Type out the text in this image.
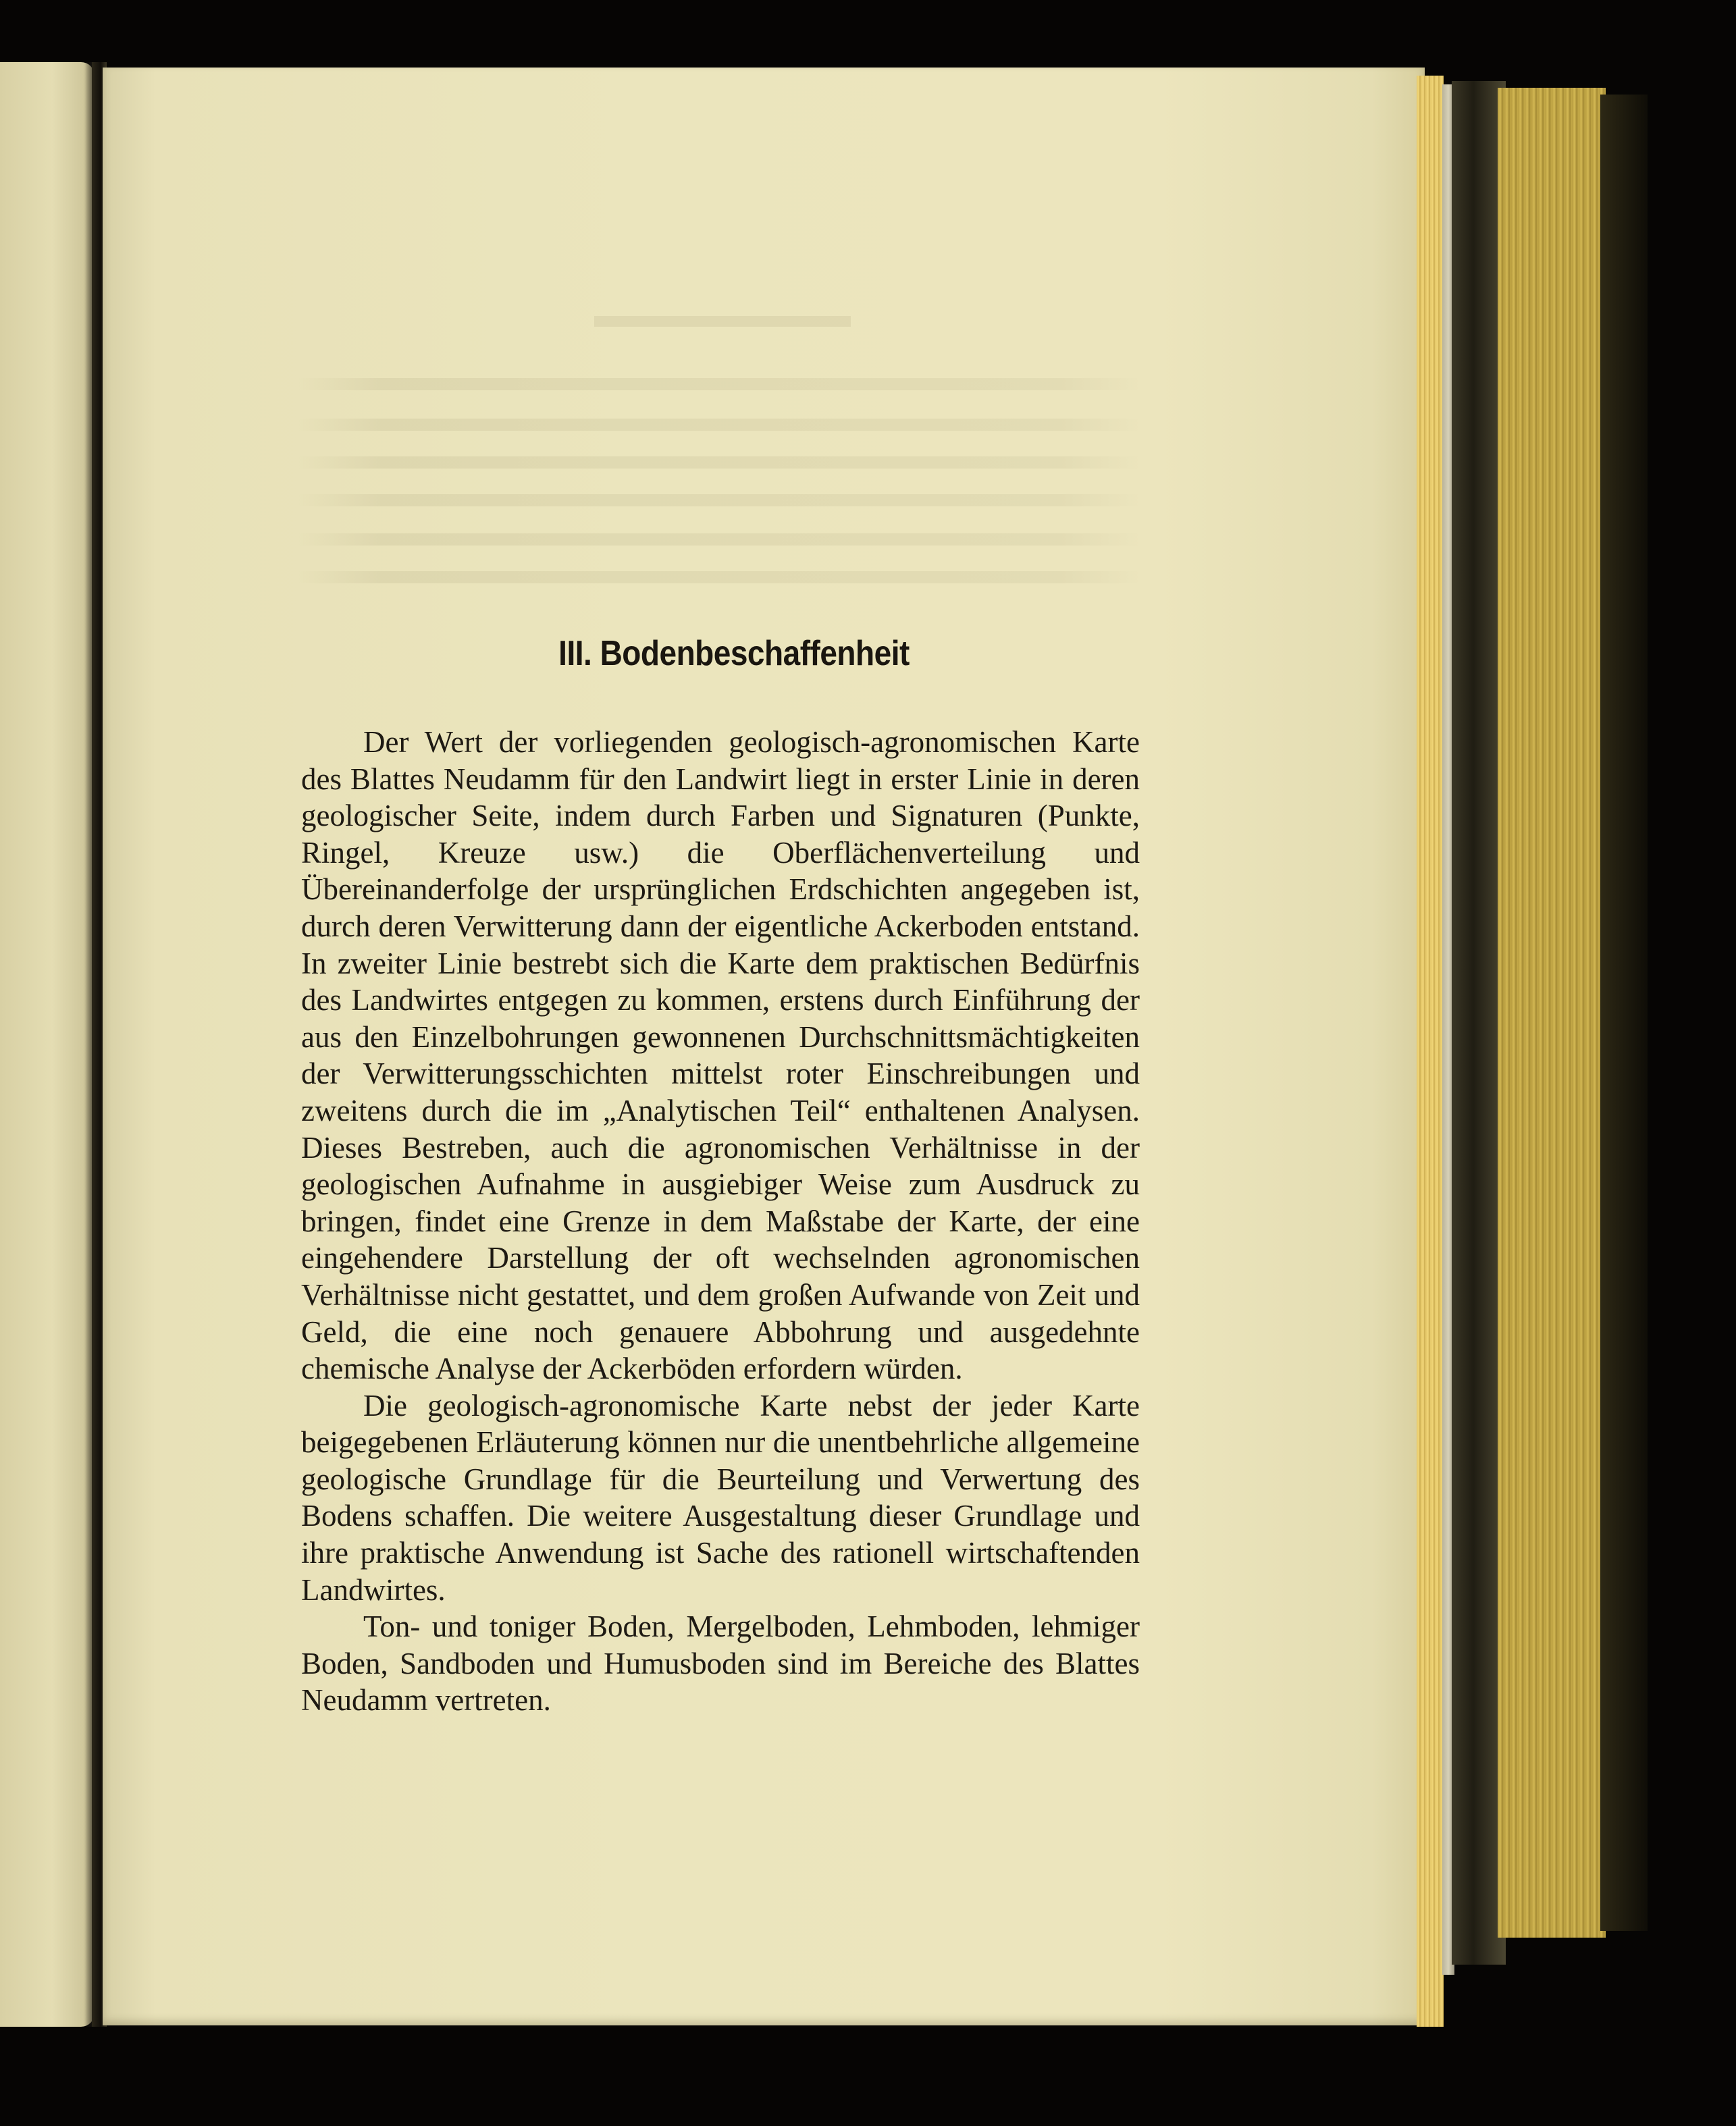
III. Bodenbeschaffenheit

Der Wert der vorliegenden geologisch-agronomischen Karte des Blattes Neudamm für den Landwirt liegt in erster Linie in deren geologischer Seite, indem durch Farben und Signaturen (Punkte, Ringel, Kreuze usw.) die Oberflächenverteilung und Übereinanderfolge der ursprünglichen Erdschichten angegeben ist, durch deren Verwitterung dann der eigentliche Ackerboden entstand. In zweiter Linie bestrebt sich die Karte dem praktischen Bedürfnis des Landwirtes entgegen zu kommen, erstens durch Einführung der aus den Einzelbohrungen gewonnenen Durchschnittsmächtigkeiten der Verwitterungsschichten mittelst roter Einschreibungen und zweitens durch die im „Analytischen Teil“ enthaltenen Analysen. Dieses Bestreben, auch die agronomischen Verhältnisse in der geologischen Aufnahme in ausgiebiger Weise zum Ausdruck zu bringen, findet eine Grenze in dem Maßstabe der Karte, der eine eingehendere Darstellung der oft wechselnden agronomischen Verhältnisse nicht gestattet, und dem großen Aufwande von Zeit und Geld, die eine noch genauere Abbohrung und ausgedehnte chemische Analyse der Ackerböden erfordern würden.

Die geologisch-agronomische Karte nebst der jeder Karte beigegebenen Erläuterung können nur die unentbehrliche allgemeine geologische Grundlage für die Beurteilung und Verwertung des Bodens schaffen. Die weitere Ausgestaltung dieser Grundlage und ihre praktische Anwendung ist Sache des rationell wirtschaftenden Landwirtes.

Ton- und toniger Boden, Mergelboden, Lehmboden, lehmiger Boden, Sandboden und Humusboden sind im Bereiche des Blattes Neudamm vertreten.
